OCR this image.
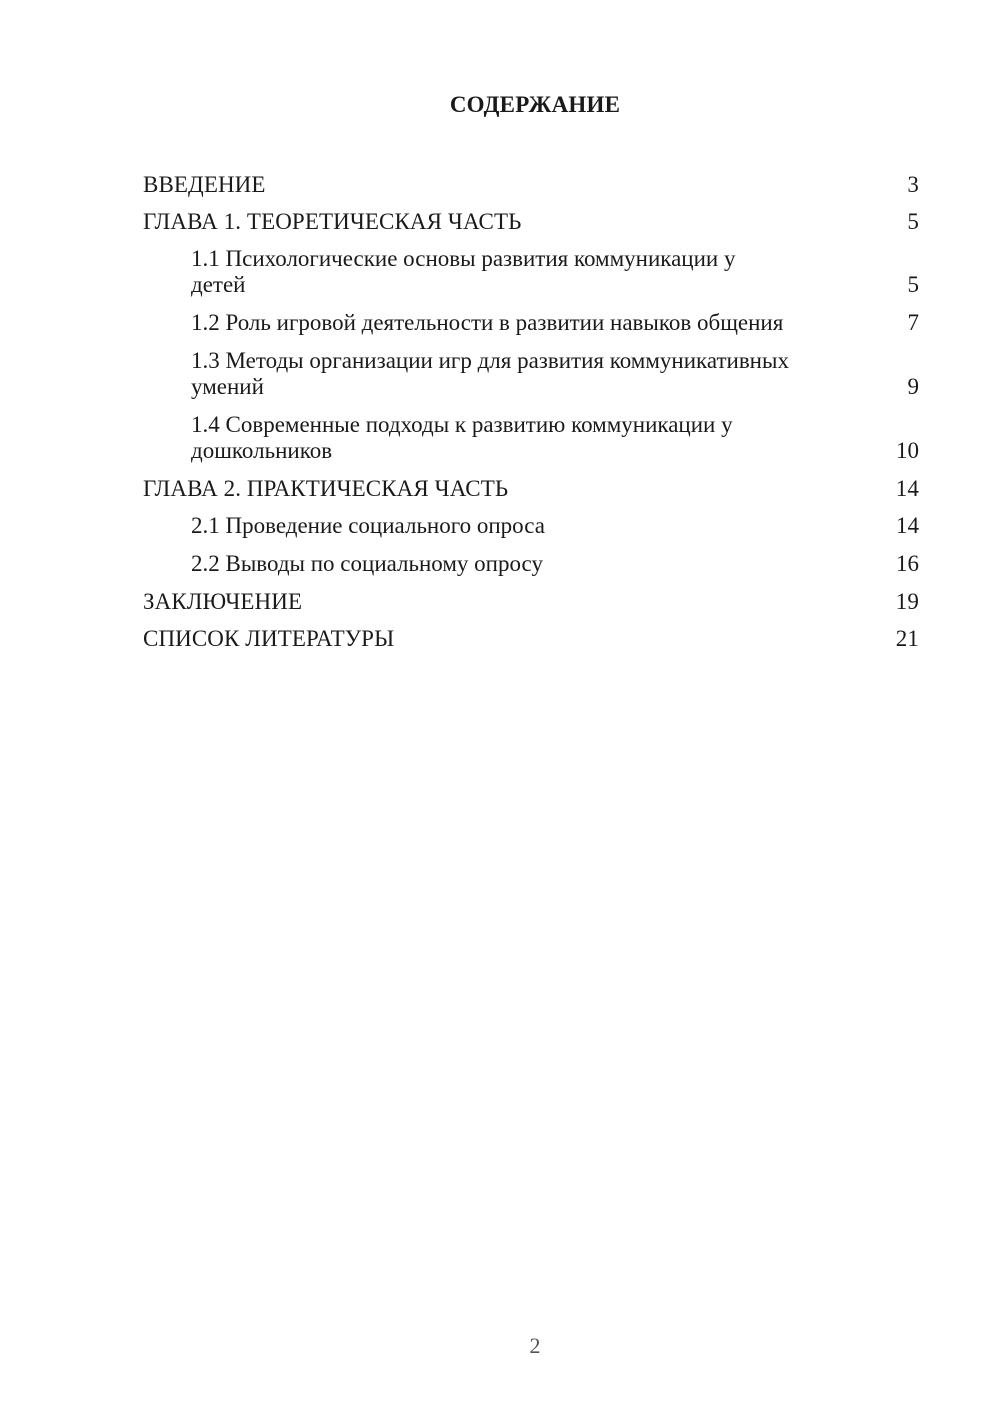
СОДЕРЖАНИЕ
ВВЕДЕНИЕ	3
ГЛАВА 1. ТЕОРЕТИЧЕСКАЯ ЧАСТЬ	5
1.1 Психологические основы развития коммуникации у детей	5
1.2 Роль игровой деятельности в развитии навыков общения	7
1.3 Методы организации игр для развития коммуникативных умений	9
1.4 Современные подходы к развитию коммуникации у дошкольников	10
ГЛАВА 2. ПРАКТИЧЕСКАЯ ЧАСТЬ	14
2.1 Проведение социального опроса	14
2.2 Выводы по социальному опросу	16
ЗАКЛЮЧЕНИЕ	19
СПИСОК ЛИТЕРАТУРЫ	21
2
